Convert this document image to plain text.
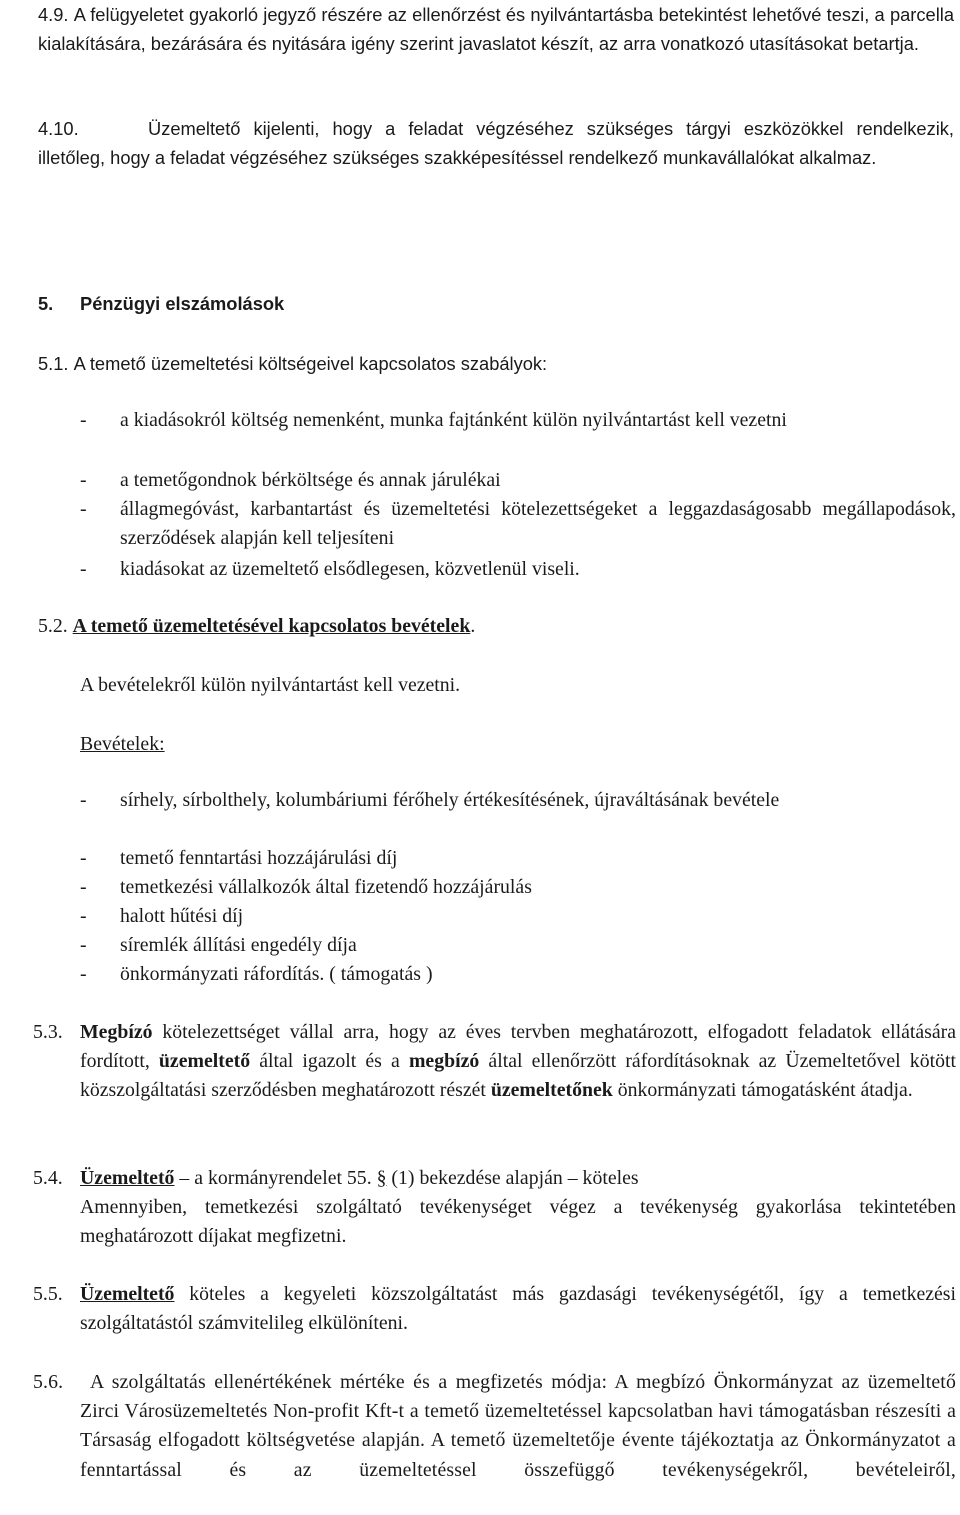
4.9. A felügyeletet gyakorló jegyző részére az ellenőrzést és nyilvántartásba betekintést lehetővé teszi, a parcella kialakítására, bezárására és nyitására igény szerint javaslatot készít, az arra vonatkozó utasításokat betartja.
4.10.	Üzemeltető kijelenti, hogy a feladat végzéséhez szükséges tárgyi eszközökkel rendelkezik, illetőleg, hogy a feladat végzéséhez szükséges szakképesítéssel rendelkező munkavállalókat alkalmaz.
5. Pénzügyi elszámolások
5.1. A temető üzemeltetési költségeivel kapcsolatos szabályok:
-	a kiadásokról költség nemenként, munka fajtánként külön nyilvántartást kell vezetni
-	a temetőgondnok bérköltsége és annak járulékai
-	állagmegóvást, karbantartást és üzemeltetési kötelezettségeket a leggazdaságosabb megállapodások, szerződések alapján kell teljesíteni
-	kiadásokat az üzemeltető elsődlegesen, közvetlenül viseli.
5.2. A temető üzemeltetésével kapcsolatos bevételek.
A bevételekről külön nyilvántartást kell vezetni.
Bevételek:
-	sírhely, sírbolthely, kolumbáriumi férőhely értékesítésének, újraváltásának bevétele
-	temető fenntartási hozzájárulási díj
-	temetkezési vállalkozók által fizetendő hozzájárulás
-	halott hűtési díj
-	síremlék állítási engedély díja
-	önkormányzati ráfordítás. ( támogatás )
5.3. Megbízó kötelezettséget vállal arra, hogy az éves tervben meghatározott, elfogadott feladatok ellátására fordított, üzemeltető által igazolt és a megbízó által ellenőrzött ráfordításoknak az Üzemeltetővel kötött közszolgáltatási szerződésben meghatározott részét üzemeltetőnek önkormányzati támogatásként átadja.
5.4. Üzemeltető – a kormányrendelet 55. § (1) bekezdése alapján – köteles
Amennyiben, temetkezési szolgáltató tevékenységet végez a tevékenység gyakorlása tekintetében meghatározott díjakat megfizetni.
5.5. Üzemeltető köteles a kegyeleti közszolgáltatást más gazdasági tevékenységétől, így a temetkezési szolgáltatástól számvitelileg elkülöníteni.
5.6. A szolgáltatás ellenértékének mértéke és a megfizetés módja: A megbízó Önkormányzat az üzemeltető Zirci Városüzemeltetés Non-profit Kft-t a temető üzemeltetéssel kapcsolatban havi támogatásban részesíti a Társaság elfogadott költségvetése alapján. A temető üzemeltetője évente tájékoztatja az Önkormányzatot a fenntartással és az üzemeltetéssel összefüggő tevékenységekről, bevételeiről,
